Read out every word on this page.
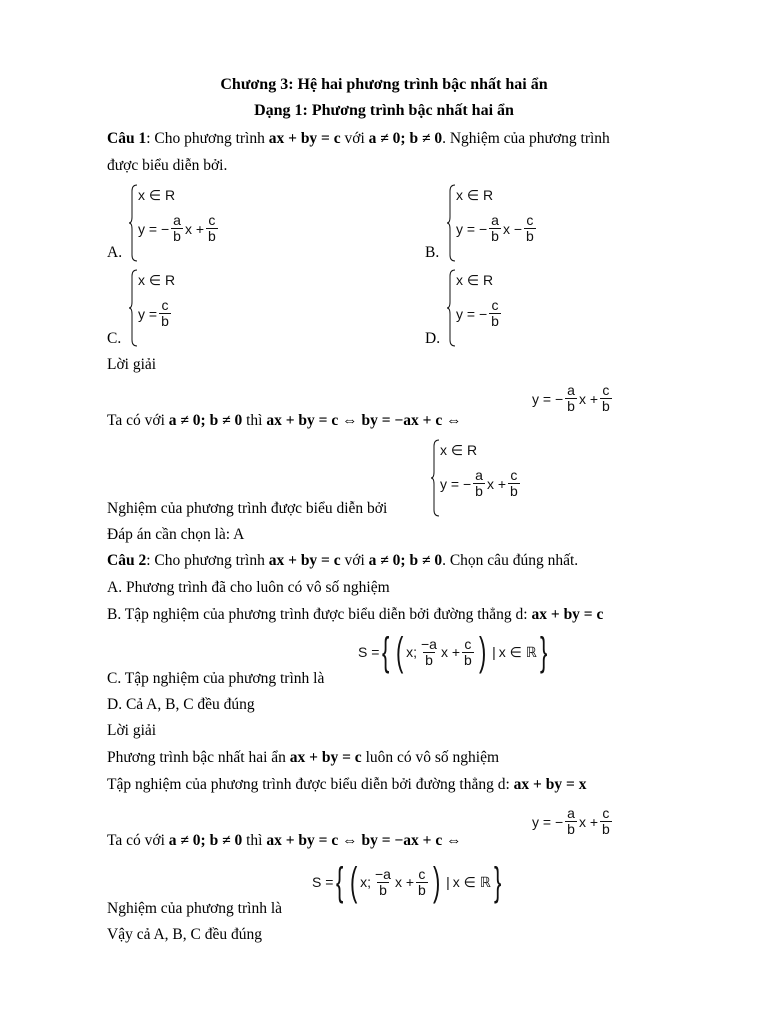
Chương 3: Hệ hai phương trình bậc nhất hai ẩn
Dạng 1: Phương trình bậc nhất hai ẩn
Câu 1: Cho phương trình ax + by = c với a ≠ 0; b ≠ 0. Nghiệm của phương trình
được biểu diễn bởi.
x ∈ R
y = − $\frac{a}{b}$ $x + \frac{c}{b}$
A.
x ∈ R
y = − $\frac{a}{b}$ $x - \frac{c}{b}$
B.
x ∈ R
$y = \frac{c}{b}$
C.
x ∈ R
y = − $\frac{c}{b}$
D.
Lời giải
Ta có với a ≠ 0; b ≠ 0 thì ax + by = c ⇔ by = −ax + c ⇔
y = − $\frac{a}{b}$ $x + \frac{c}{b}$
x ∈ R
y = − $\frac{a}{b}$ $x + \frac{c}{b}$
Nghiệm của phương trình được biểu diễn bởi
Đáp án cần chọn là: A
Câu 2: Cho phương trình ax + by = c với a ≠ 0; b ≠ 0. Chọn câu đúng nhất.
A. Phương trình đã cho luôn có vô số nghiệm
B. Tập nghiệm của phương trình được biểu diễn bởi đường thẳng d: ax + by = c
S = { ( x;
−a
b $x + \frac{c}{b}$ ) | x ∈ ℝ }
C. Tập nghiệm của phương trình là
D. Cả A, B, C đều đúng
Lời giải
Phương trình bậc nhất hai ẩn ax + by = c luôn có vô số nghiệm
Tập nghiệm của phương trình được biểu diễn bởi đường thẳng d: ax + by = x
Ta có với a ≠ 0; b ≠ 0 thì ax + by = c ⇔ by = −ax + c ⇔
y = − $\frac{a}{b}$ $x + \frac{c}{b}$
S = { ( x;
−a
b $x + \frac{c}{b}$ ) | x ∈ ℝ }
Nghiệm của phương trình là
Vậy cả A, B, C đều đúng
